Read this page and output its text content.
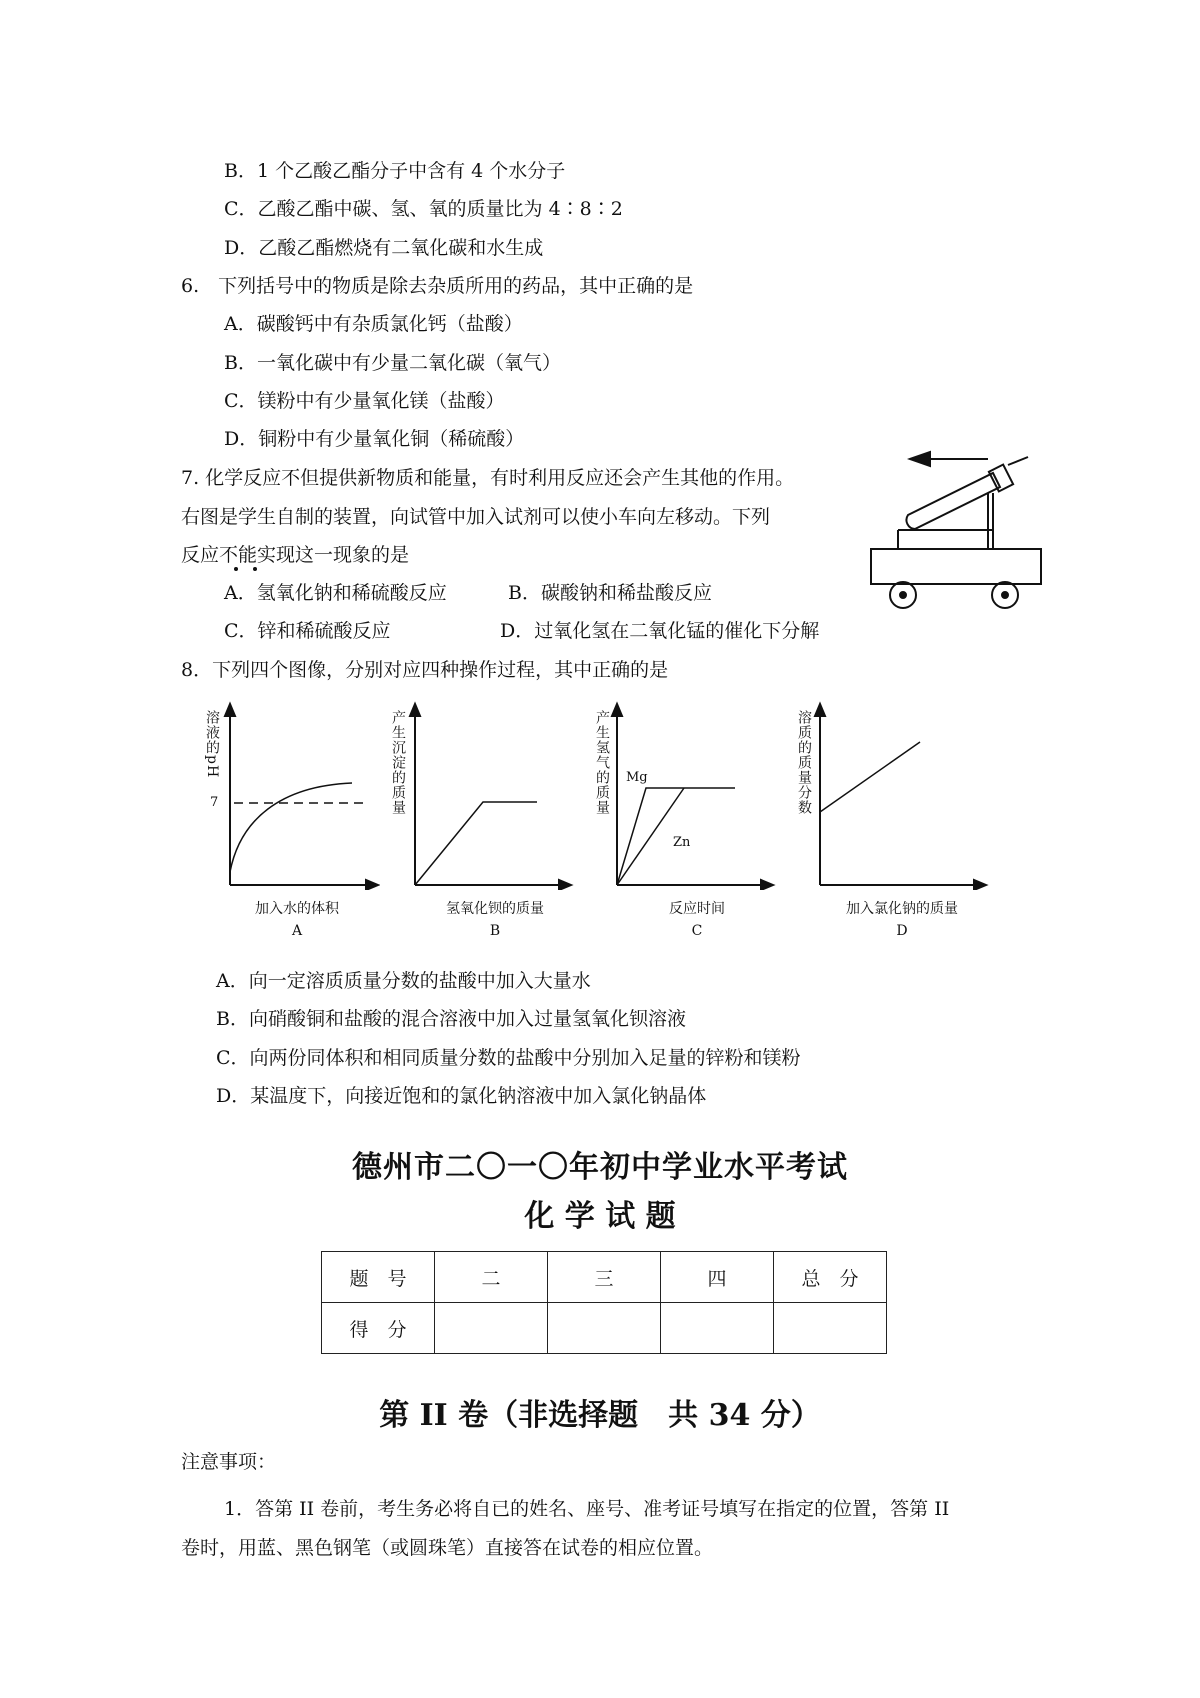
B．1 个乙酸乙酯分子中含有 4 个水分子
C．乙酸乙酯中碳、氢、氧的质量比为 4∶8∶2
D．乙酸乙酯燃烧有二氧化碳和水生成
6.　下列括号中的物质是除去杂质所用的药品，其中正确的是
A．碳酸钙中有杂质氯化钙（盐酸）
B．一氧化碳中有少量二氧化碳（氧气）
C．镁粉中有少量氧化镁（盐酸）
D．铜粉中有少量氧化铜（稀硫酸）
7. 化学反应不但提供新物质和能量，有时利用反应还会产生其他的作用。
右图是学生自制的装置，向试管中加入试剂可以使小车向左移动。下列
反应不能实现这一现象的是
A．氢氧化钠和稀硫酸反应	B．碳酸钠和稀盐酸反应
C．锌和稀硫酸反应	D．过氧化氢在二氧化锰的催化下分解
8．下列四个图像，分别对应四种操作过程，其中正确的是
溶液的pH
7
加入水的体积
A
产生沉淀的质量
氢氧化钡的质量
B
产生氢气的质量 Mg
Zn
反应时间
C
溶质的质量分数
加入氯化钠的质量
D
A．向一定溶质质量分数的盐酸中加入大量水
B．向硝酸铜和盐酸的混合溶液中加入过量氢氧化钡溶液
C．向两份同体积和相同质量分数的盐酸中分别加入足量的锌粉和镁粉
D．某温度下，向接近饱和的氯化钠溶液中加入氯化钠晶体
德州市二〇一〇年初中学业水平考试
化 学 试 题
题　号	二	三	四	总　分
得　分				
第 II 卷（非选择题　共 34 分）
注意事项：
1．答第 II 卷前，考生务必将自已的姓名、座号、准考证号填写在指定的位置，答第 II
卷时，用蓝、黑色钢笔（或圆珠笔）直接答在试卷的相应位置。
